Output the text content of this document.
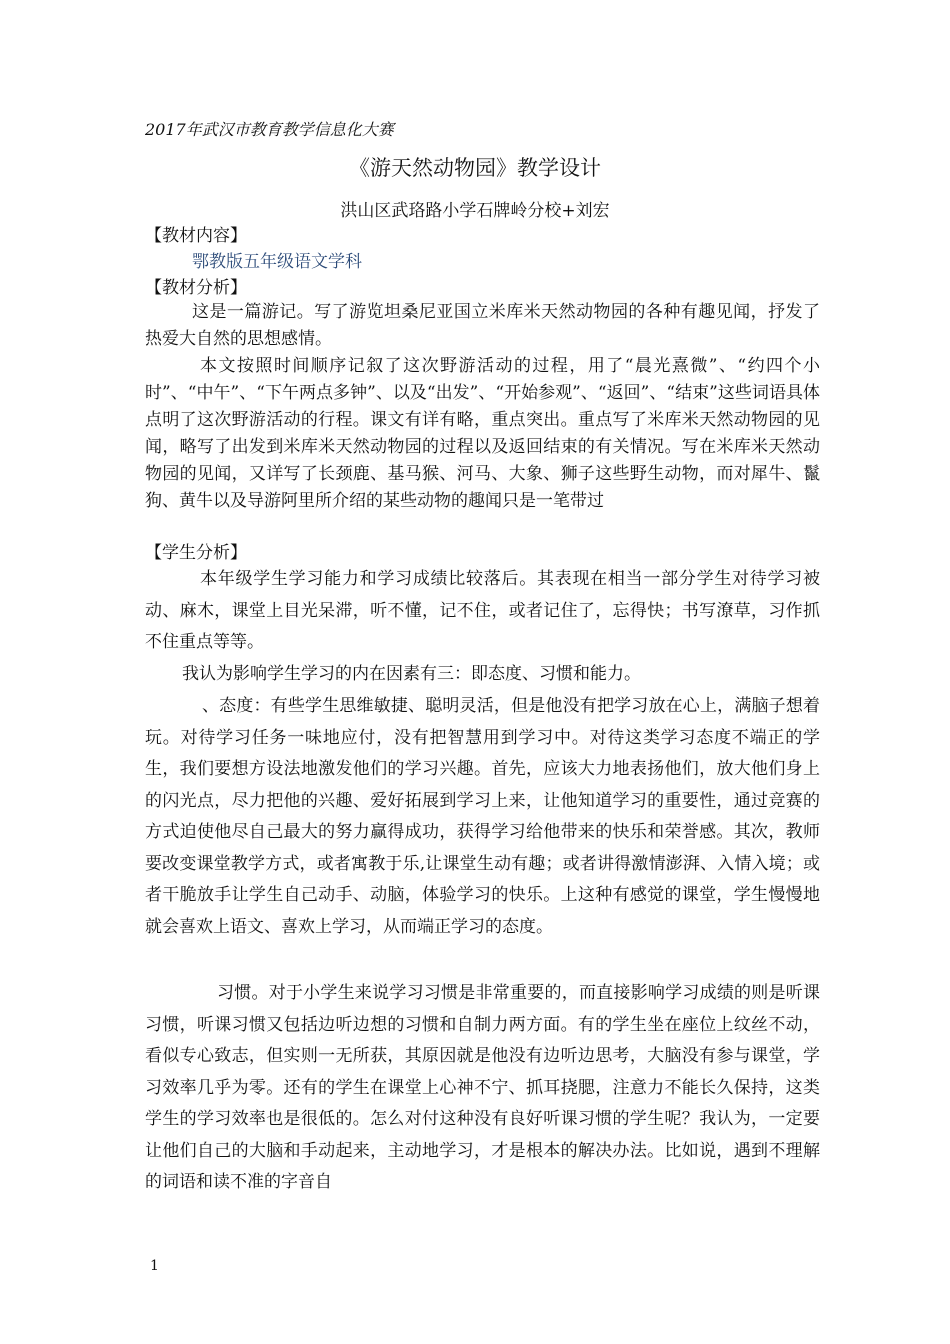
2017年武汉市教育教学信息化大赛
《游天然动物园》教学设计
洪山区武珞路小学石牌岭分校+刘宏
【教材内容】
鄂教版五年级语文学科
【教材分析】

这是一篇游记。写了游览坦桑尼亚国立米库米天然动物园的各种有趣见闻，抒发了热爱大自然的思想感情。

本文按照时间顺序记叙了这次野游活动的过程，用了“晨光熹微”、“约四个小时”、“中午”、“下午两点多钟”、以及“出发”、“开始参观”、“返回”、“结束”这些词语具体点明了这次野游活动的行程。课文有详有略，重点突出。重点写了米库米天然动物园的见闻，略写了出发到米库米天然动物园的过程以及返回结束的有关情况。写在米库米天然动物园的见闻，又详写了长颈鹿、基马猴、河马、大象、狮子这些野生动物，而对犀牛、鬣狗、黄牛以及导游阿里所介绍的某些动物的趣闻只是一笔带过

【学生分析】

本年级学生学习能力和学习成绩比较落后。其表现在相当一部分学生对待学习被动、麻木，课堂上目光呆滞，听不懂，记不住，或者记住了，忘得快；书写潦草，习作抓不住重点等等。

我认为影响学生学习的内在因素有三：即态度、习惯和能力。

、态度：有些学生思维敏捷、聪明灵活，但是他没有把学习放在心上，满脑子想着玩。对待学习任务一味地应付，没有把智慧用到学习中。对待这类学习态度不端正的学生，我们要想方设法地激发他们的学习兴趣。首先，应该大力地表扬他们，放大他们身上的闪光点，尽力把他的兴趣、爱好拓展到学习上来，让他知道学习的重要性，通过竞赛的方式迫使他尽自己最大的努力赢得成功，获得学习给他带来的快乐和荣誉感。其次，教师要改变课堂教学方式，或者寓教于乐,让课堂生动有趣；或者讲得激情澎湃、入情入境；或者干脆放手让学生自己动手、动脑，体验学习的快乐。上这种有感觉的课堂，学生慢慢地就会喜欢上语文、喜欢上学习，从而端正学习的态度。

习惯。对于小学生来说学习习惯是非常重要的，而直接影响学习成绩的则是听课习惯，听课习惯又包括边听边想的习惯和自制力两方面。有的学生坐在座位上纹丝不动，看似专心致志，但实则一无所获，其原因就是他没有边听边思考，大脑没有参与课堂，学习效率几乎为零。还有的学生在课堂上心神不宁、抓耳挠腮，注意力不能长久保持，这类学生的学习效率也是很低的。怎么对付这种没有良好听课习惯的学生呢？我认为，一定要让他们自己的大脑和手动起来，主动地学习，才是根本的解决办法。比如说，遇到不理解的词语和读不准的字音自

1
